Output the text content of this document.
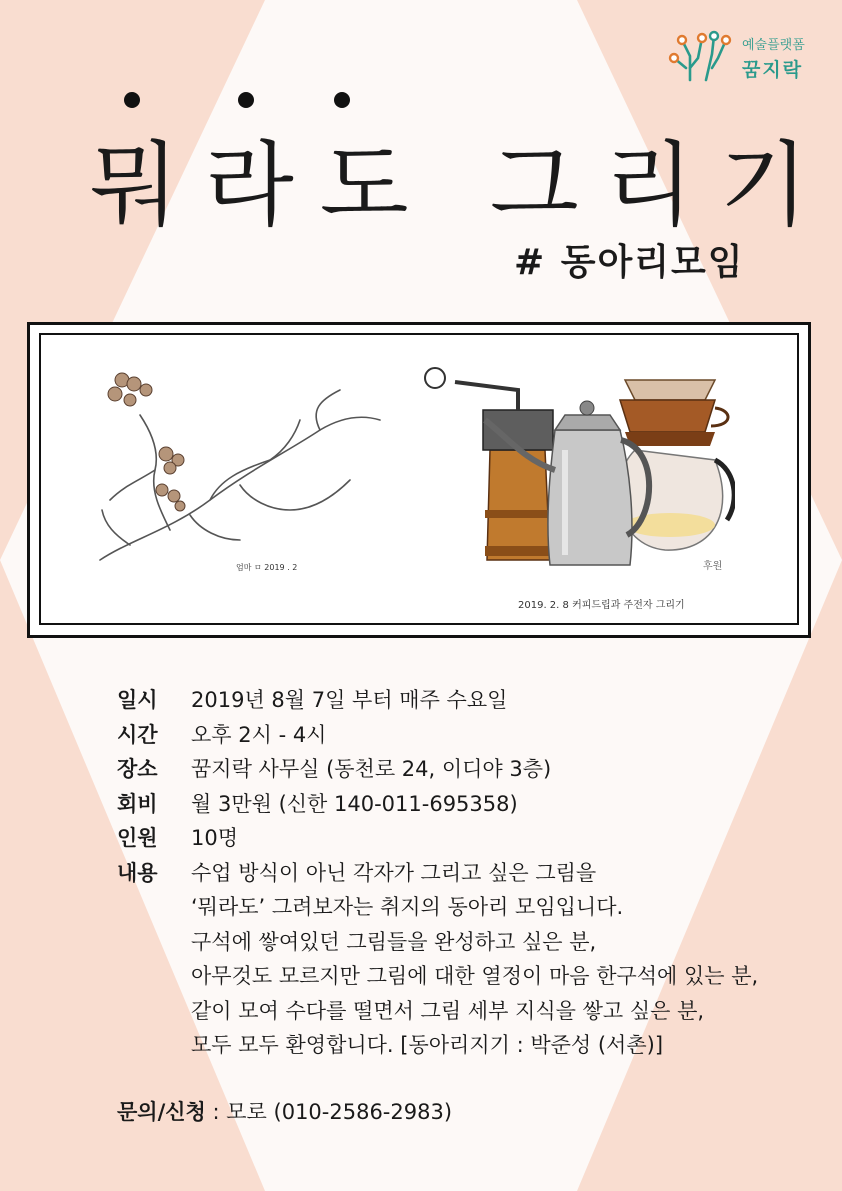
예술플랫폼
꿈지락
뭐라도 그리기
# 동아리모임
엄마 ㅁ 2019 . 2	후원
2019. 2. 8 커피드립과 주전자 그리기
일시	2019년 8월 7일 부터 매주 수요일
시간	오후 2시 - 4시
장소	꿈지락 사무실 (동천로 24, 이디야 3층)
회비	월 3만원 (신한 140-011-695358)
인원	10명
내용	수업 방식이 아닌 각자가 그리고 싶은 그림을
‘뭐라도’ 그려보자는 취지의 동아리 모임입니다.
구석에 쌓여있던 그림들을 완성하고 싶은 분,
아무것도 모르지만 그림에 대한 열정이 마음 한구석에 있는 분,
같이 모여 수다를 떨면서 그림 세부 지식을 쌓고 싶은 분,
모두 모두 환영합니다. [동아리지기 : 박준성 (서촌)]
문의/신청 : 모로 (010-2586-2983)
